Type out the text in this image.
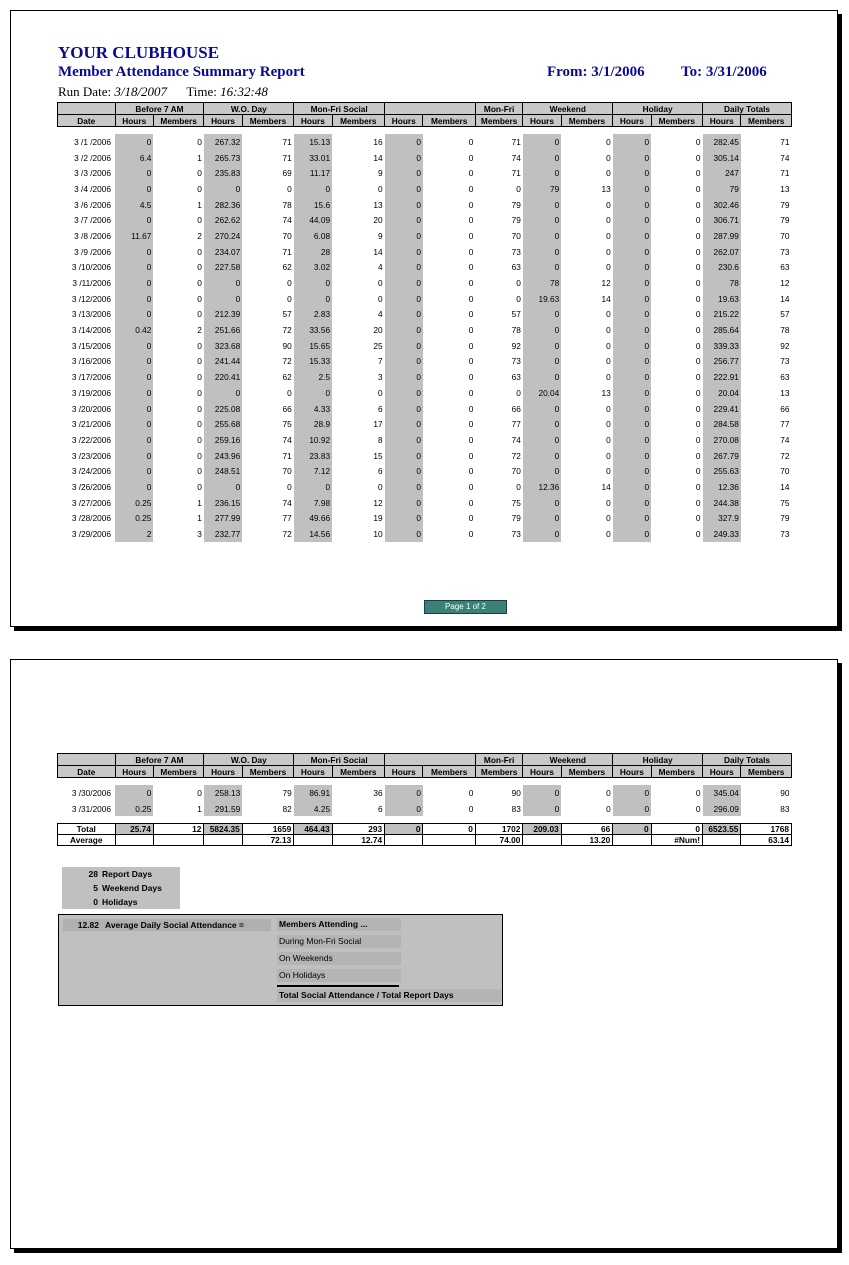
YOUR CLUBHOUSE
Member Attendance Summary Report	From: 3/1/2006 To: 3/31/2006
Run Date: 3/18/2007 Time: 16:32:48
	Before 7 AM		W.O. Day		Mon-Fri Social				Mon-Fri	Weekend		Holiday		Daily Totals	
Date	Hours	Members	Hours	Members	Hours	Members	Hours	Members	Members	Hours	Members	Hours	Members	Hours	Members

3 /1 /2006	0	0	267.32	71	15.13	16	0	0	71	0	0	0	0	282.45	71
3 /2 /2006	6.4	1	265.73	71	33.01	14	0	0	74	0	0	0	0	305.14	74
3 /3 /2006	0	0	235.83	69	11.17	9	0	0	71	0	0	0	0	247	71
3 /4 /2006	0	0	0	0	0	0	0	0	0	79	13	0	0	79	13
3 /6 /2006	4.5	1	282.36	78	15.6	13	0	0	79	0	0	0	0	302.46	79
3 /7 /2006	0	0	262.62	74	44.09	20	0	0	79	0	0	0	0	306.71	79
3 /8 /2006	11.67	2	270.24	70	6.08	9	0	0	70	0	0	0	0	287.99	70
3 /9 /2006	0	0	234.07	71	28	14	0	0	73	0	0	0	0	262.07	73
3 /10/2006	0	0	227.58	62	3.02	4	0	0	63	0	0	0	0	230.6	63
3 /11/2006	0	0	0	0	0	0	0	0	0	78	12	0	0	78	12
3 /12/2006	0	0	0	0	0	0	0	0	0	19.63	14	0	0	19.63	14
3 /13/2006	0	0	212.39	57	2.83	4	0	0	57	0	0	0	0	215.22	57
3 /14/2006	0.42	2	251.66	72	33.56	20	0	0	78	0	0	0	0	285.64	78
3 /15/2006	0	0	323.68	90	15.65	25	0	0	92	0	0	0	0	339.33	92
3 /16/2006	0	0	241.44	72	15.33	7	0	0	73	0	0	0	0	256.77	73
3 /17/2006	0	0	220.41	62	2.5	3	0	0	63	0	0	0	0	222.91	63
3 /19/2006	0	0	0	0	0	0	0	0	0	20.04	13	0	0	20.04	13
3 /20/2006	0	0	225.08	66	4.33	6	0	0	66	0	0	0	0	229.41	66
3 /21/2006	0	0	255.68	75	28.9	17	0	0	77	0	0	0	0	284.58	77
3 /22/2006	0	0	259.16	74	10.92	8	0	0	74	0	0	0	0	270.08	74
3 /23/2006	0	0	243.96	71	23.83	15	0	0	72	0	0	0	0	267.79	72
3 /24/2006	0	0	248.51	70	7.12	6	0	0	70	0	0	0	0	255.63	70
3 /26/2006	0	0	0	0	0	0	0	0	0	12.36	14	0	0	12.36	14
3 /27/2006	0.25	1	236.15	74	7.98	12	0	0	75	0	0	0	0	244.38	75
3 /28/2006	0.25	1	277.99	77	49.66	19	0	0	79	0	0	0	0	327.9	79
3 /29/2006	2	3	232.77	72	14.56	10	0	0	73	0	0	0	0	249.33	73
Page 1 of 2
	Before 7 AM		W.O. Day		Mon-Fri Social				Mon-Fri	Weekend		Holiday		Daily Totals	
Date	Hours	Members	Hours	Members	Hours	Members	Hours	Members	Members	Hours	Members	Hours	Members	Hours	Members

3 /30/2006	0	0	258.13	79	86.91	36	0	0	90	0	0	0	0	345.04	90
3 /31/2006	0.25	1	291.59	82	4.25	6	0	0	83	0	0	0	0	296.09	83

Total	25.74	12	5824.35	1659	464.43	293	0	0	1702	209.03	66	0	0	6523.55	1768
Average				72.13		12.74			74.00		13.20		#Num!		63.14
28 Report Days
5 Weekend Days
0 Holidays
12.82 Average Daily Social Attendance =	Members Attending ...
During Mon-Fri Social
On Weekends
On Holidays
Total Social Attendance / Total Report Days
